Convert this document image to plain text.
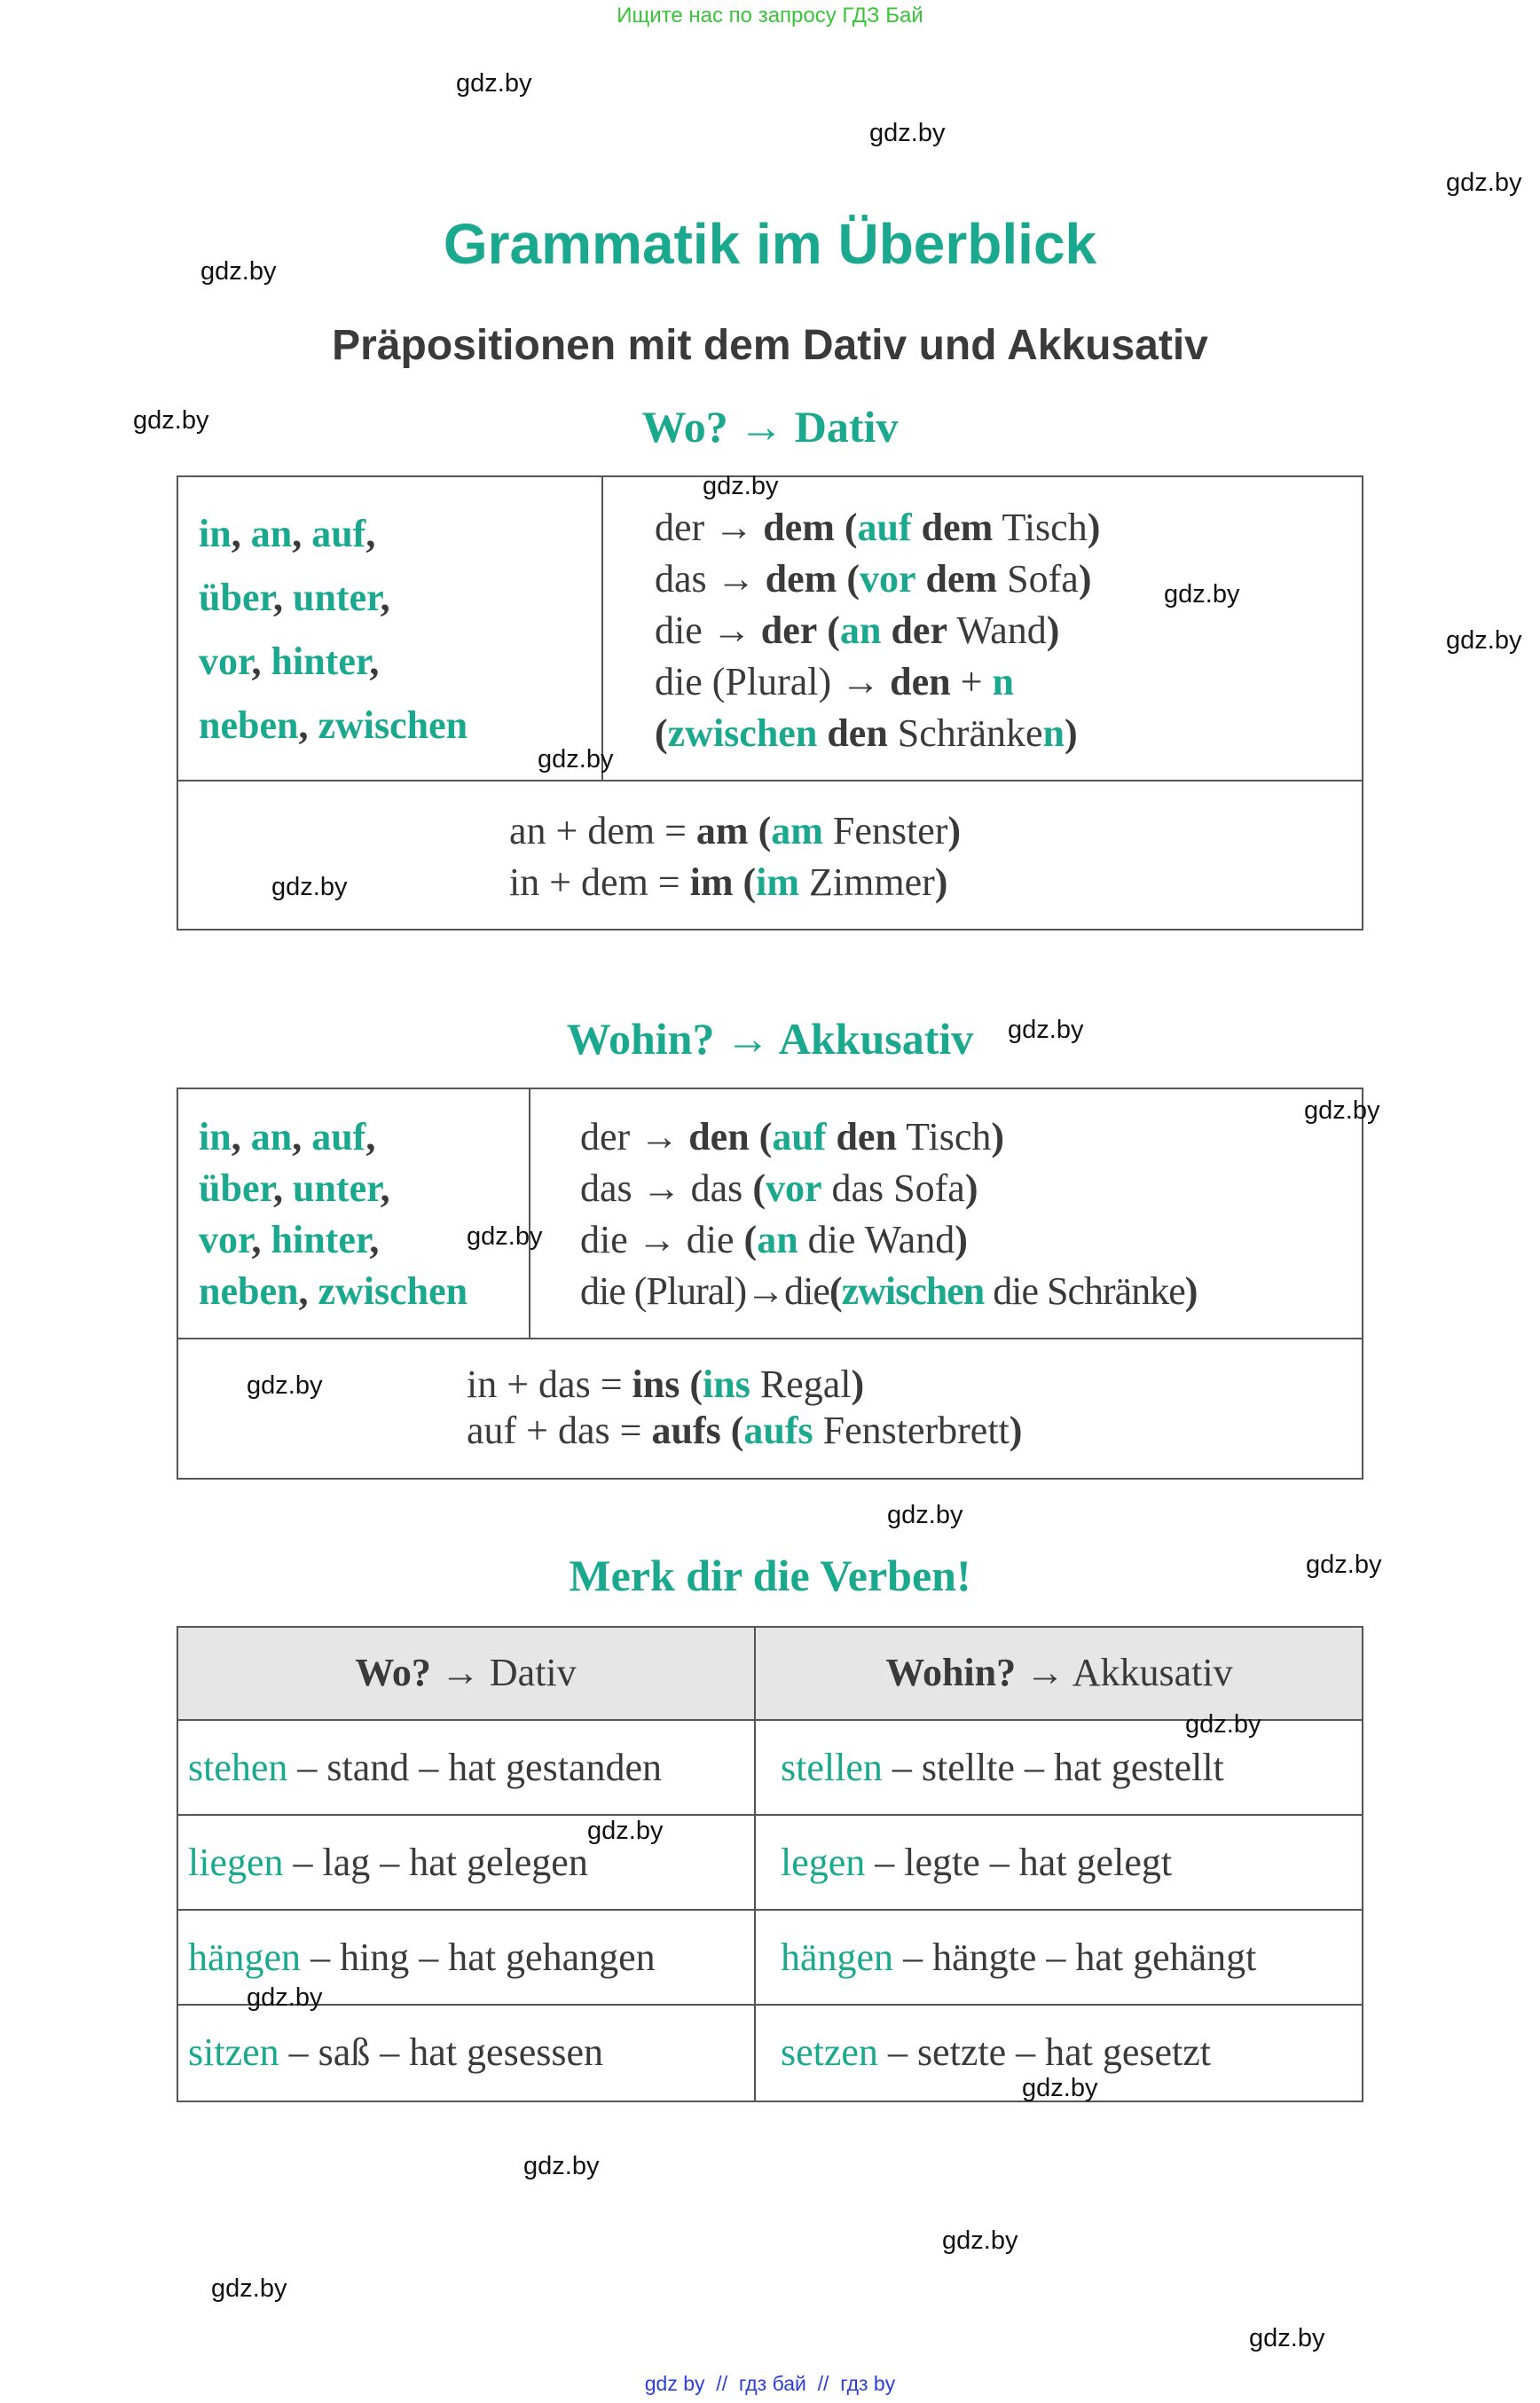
Ищите нас по запросу ГДЗ Бай
Grammatik im Überblick
Präpositionen mit dem Dativ und Akkusativ
Wo? → Dativ
in, an, auf,
über, unter,
vor, hinter,
neben, zwischen
der → dem (auf dem Tisch)
das → dem (vor dem Sofa)
die → der (an der Wand)
die (Plural) → den + n
(zwischen den Schränken)
an + dem = am (am Fenster)
in + dem = im (im Zimmer)
Wohin? → Akkusativ
in, an, auf,
über, unter,
vor, hinter,
neben, zwischen
der → den (auf den Tisch)
das → das (vor das Sofa)
die → die (an die Wand)
die (Plural)→die(zwischen die Schränke)
in + das = ins (ins Regal)
auf + das = aufs (aufs Fensterbrett)
Merk dir die Verben!
Wo? → Dativ	Wohin? → Akkusativ
stehen – stand – hat gestanden
liegen – lag – hat gelegen
hängen – hing – hat gehangen
sitzen – saß – hat gesessen
stellen – stellte – hat gestellt
legen – legte – hat gelegt
hängen – hängte – hat gehängt
setzen – setzte – hat gesetzt
gdz.by
gdz.by
gdz.by
gdz.by
gdz.by
gdz.by
gdz.by
gdz.by
gdz.by
gdz.by
gdz.by
gdz.by
gdz.by
gdz.by
gdz.by
gdz.by
gdz.by
gdz.by
gdz.by
gdz.by
gdz.by
gdz.by
gdz.by
gdz.by
gdz by  //  гдз бай  //  гдз by
